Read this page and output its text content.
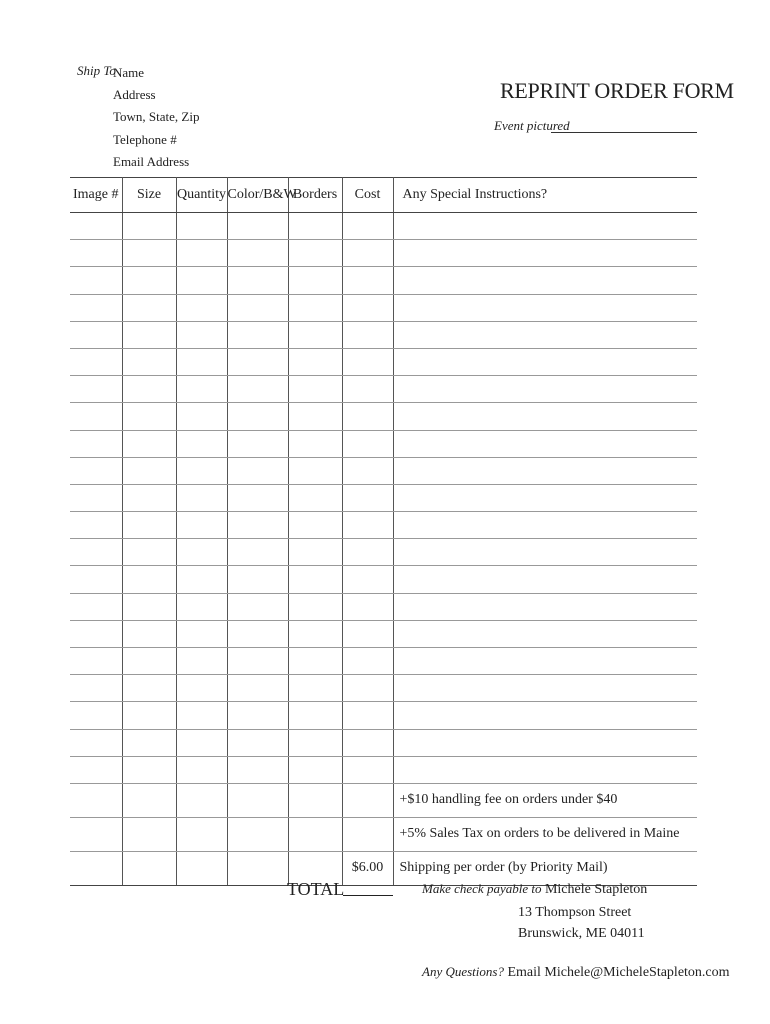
Ship To
Name
Address
Town, State, Zip
Telephone #
Email Address
REPRINT ORDER FORM
Event pictured
Image #	Size	Quantity	Color/B&W	Borders	Cost	Any Special Instructions?

						+$10 handling fee on orders under $40
						+5% Sales Tax on orders to be delivered in Maine
					$6.00	Shipping per order (by Priority Mail)
TOTAL	Make check payable to Michele Stapleton
13 Thompson Street
Brunswick, ME 04011
Any Questions? Email Michele@MicheleStapleton.com
